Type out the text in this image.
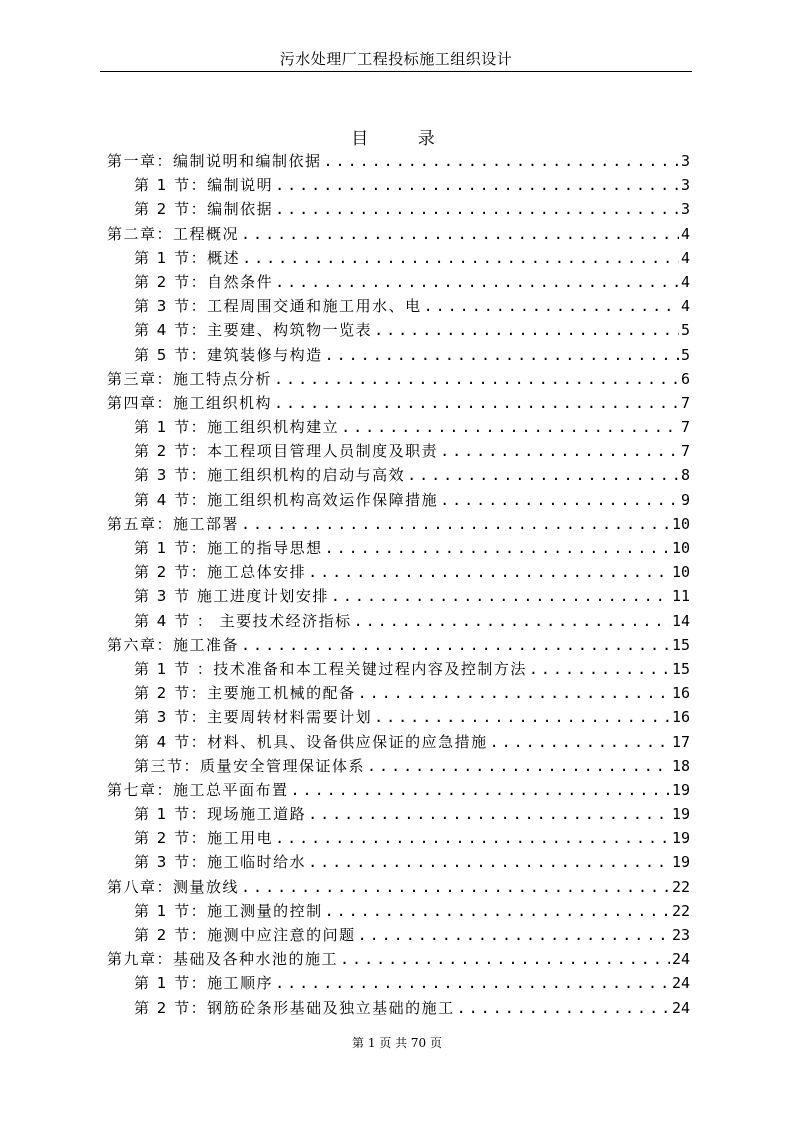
污水处理厂工程投标施工组织设计
目 录
第一章：编制说明和编制依据 .....	3
第 1 节：编制说明 .....	3
第 2 节：编制依据 .....	3
第二章：工程概况 .....	4
第 1 节：概述 .....	4
第 2 节：自然条件 .....	4
第 3 节：工程周围交通和施工用水、电 .....	4
第 4 节：主要建、构筑物一览表 .....	5
第 5 节：建筑装修与构造 .....	5
第三章：施工特点分析 .....	6
第四章：施工组织机构 .....	7
第 1 节：施工组织机构建立 .....	7
第 2 节：本工程项目管理人员制度及职责 .....	7
第 3 节：施工组织机构的启动与高效 .....	8
第 4 节：施工组织机构高效运作保障措施 .....	9
第五章：施工部署 .....	10
第 1 节：施工的指导思想 .....	10
第 2 节：施工总体安排 .....	10
第 3 节 施工进度计划安排 .....	11
第 4 节 ： 主要技术经济指标 .....	14
第六章：施工准备 .....	15
第 1 节 ：技术准备和本工程关键过程内容及控制方法 .....	15
第 2 节：主要施工机械的配备 .....	16
第 3 节：主要周转材料需要计划 .....	16
第 4 节：材料、机具、设备供应保证的应急措施 .....	17
第三节：质量安全管理保证体系 .....	18
第七章：施工总平面布置 .....	19
第 1 节：现场施工道路 .....	19
第 2 节：施工用电 .....	19
第 3 节：施工临时给水 .....	19
第八章：测量放线 .....	22
第 1 节：施工测量的控制 .....	22
第 2 节：施测中应注意的问题 .....	23
第九章：基础及各种水池的施工 .....	24
第 1 节：施工顺序 .....	24
第 2 节：钢筋砼条形基础及独立基础的施工 .....	24
第 1 页 共 70 页
